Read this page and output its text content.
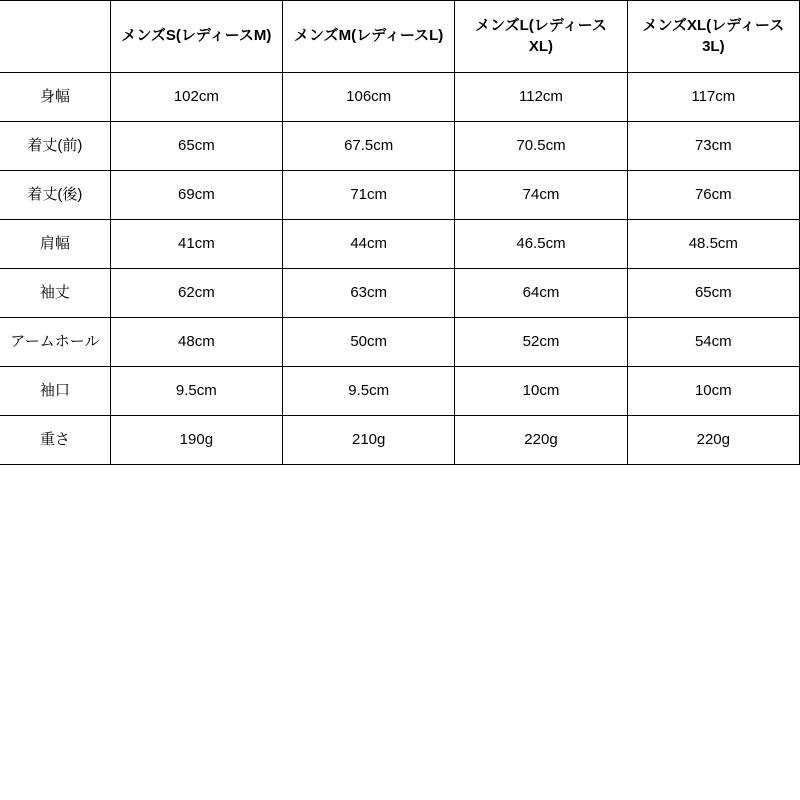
	メンズS(レディースM)	メンズM(レディースL)	メンズL(レディースXL)	メンズXL(レディース3L)
身幅	102cm	106cm	112cm	117cm
着丈(前)	65cm	67.5cm	70.5cm	73cm
着丈(後)	69cm	71cm	74cm	76cm
肩幅	41cm	44cm	46.5cm	48.5cm
袖丈	62cm	63cm	64cm	65cm
アームホール	48cm	50cm	52cm	54cm
袖口	9.5cm	9.5cm	10cm	10cm
重さ	190g	210g	220g	220g
